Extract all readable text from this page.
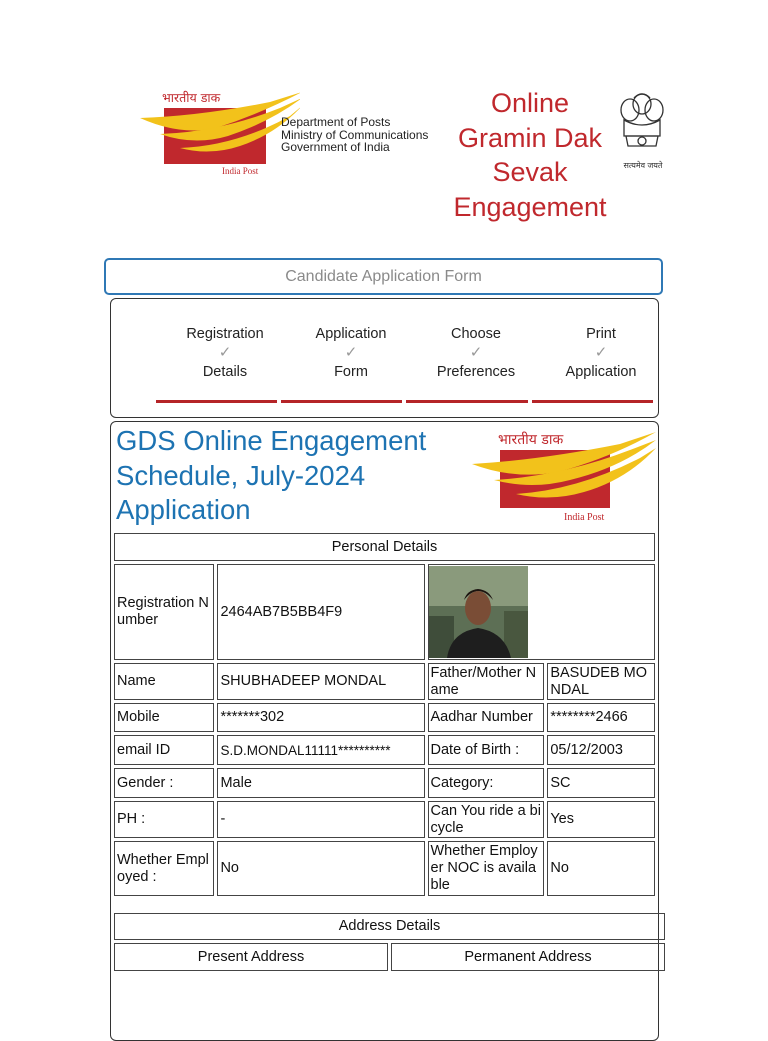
भारतीय डाक
India Post
Department of Posts
Ministry of Communications
Government of India
Online
Gramin Dak
Sevak
Engagement
सत्यमेव जयते
Candidate Application Form
Registration
✓
Details
Application
✓
Form
Choose
✓
Preferences
Print
✓
Application
GDS Online Engagement
Schedule, July-2024
Application
भारतीय डाक
India Post
Personal Details			
Registration Number	2464AB7B5BB4F9	

Name	SHUBHADEEP MONDAL	Father/Mother Name	BASUDEB MONDAL
Mobile	*******302	Aadhar Number	********2466
email ID	S.D.MONDAL11111**********	Date of Birth :	05/12/2003
Gender :	Male	Category:	SC
PH :	-	Can You ride a bicycle	Yes
Whether Employed :	No	Whether Employer NOC is available	No
Address Details
Present Address	Permanent Address
